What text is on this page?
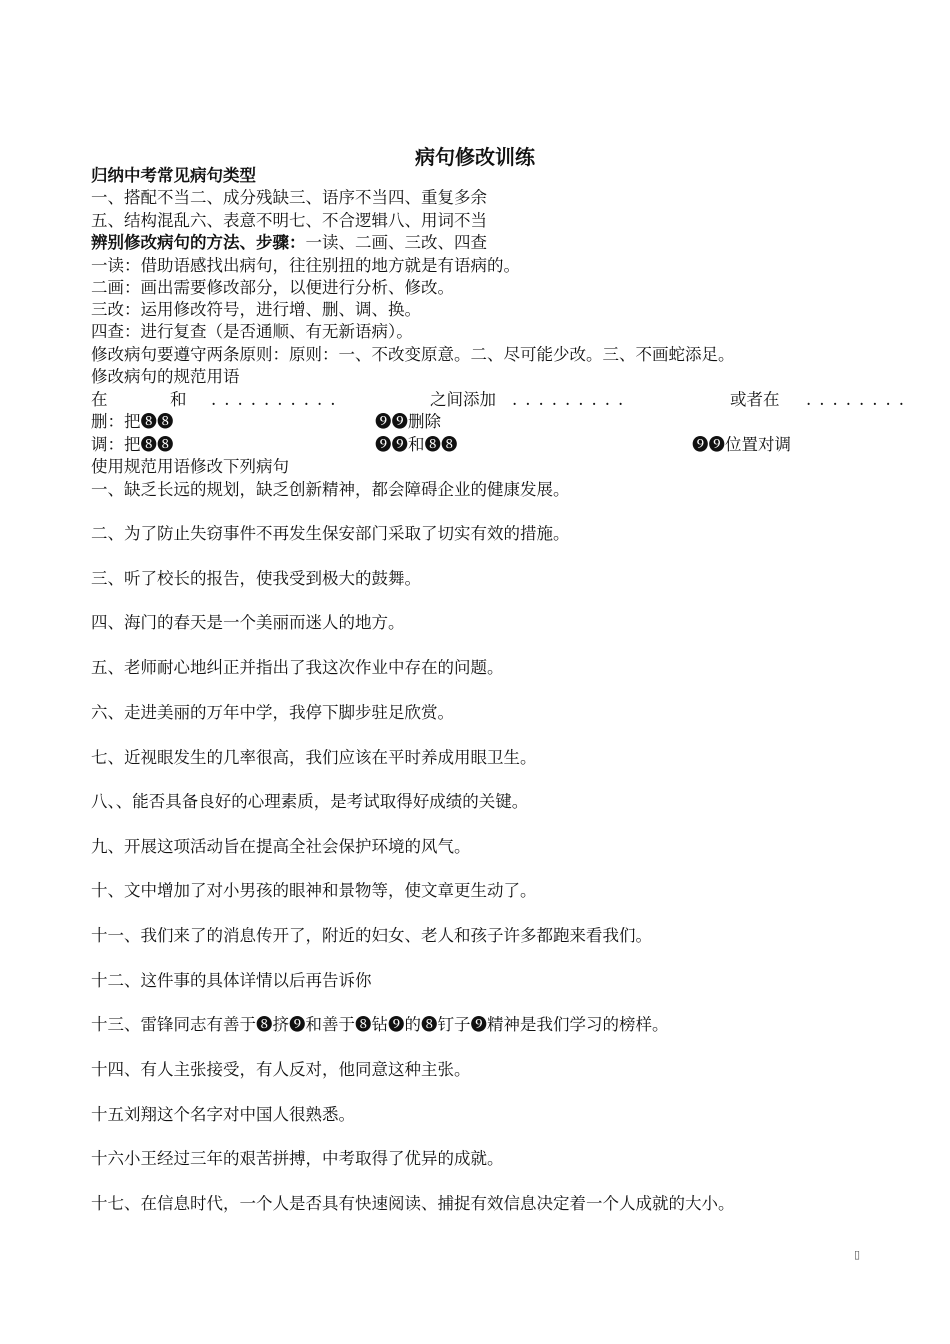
病句修改训练
归纳中考常见病句类型
一、搭配不当二、成分残缺三、语序不当四、重复多余
五、结构混乱六、表意不明七、不合逻辑八、用词不当
辨别修改病句的方法、步骤：一读、二画、三改、四查
一读：借助语感找出病句，往往别扭的地方就是有语病的。
二画：画出需要修改部分，以便进行分析、修改。
三改：运用修改符号，进行增、删、调、换。
四查：进行复查（是否通顺、有无新语病）。
修改病句要遵守两条原则：原则：一、不改变原意。二、尽可能少改。三、不画蛇添足。
修改病句的规范用语
在	和 ..........	之间添加 .........	或者在 ........
删：把❽❽	❾❾删除
调：把❽❽	❾❾和❽❽	❾❾位置对调
使用规范用语修改下列病句
一、缺乏长远的规划，缺乏创新精神，都会障碍企业的健康发展。
二、为了防止失窃事件不再发生保安部门采取了切实有效的措施。
三、听了校长的报告，使我受到极大的鼓舞。
四、海门的春天是一个美丽而迷人的地方。
五、老师耐心地纠正并指出了我这次作业中存在的问题。
六、走进美丽的万年中学，我停下脚步驻足欣赏。
七、近视眼发生的几率很高，我们应该在平时养成用眼卫生。
八、、能否具备良好的心理素质，是考试取得好成绩的关键。
九、开展这项活动旨在提高全社会保护环境的风气。
十、文中增加了对小男孩的眼神和景物等，使文章更生动了。
十一、我们来了的消息传开了，附近的妇女、老人和孩子许多都跑来看我们。
十二、这件事的具体详情以后再告诉你
十三、雷锋同志有善于❽挤❾和善于❽钻❾的❽钉子❾精神是我们学习的榜样。
十四、有人主张接受，有人反对，他同意这种主张。
十五刘翔这个名字对中国人很熟悉。
十六小王经过三年的艰苦拼搏，中考取得了优异的成就。
十七、在信息时代，一个人是否具有快速阅读、捕捉有效信息决定着一个人成就的大小。
▯
